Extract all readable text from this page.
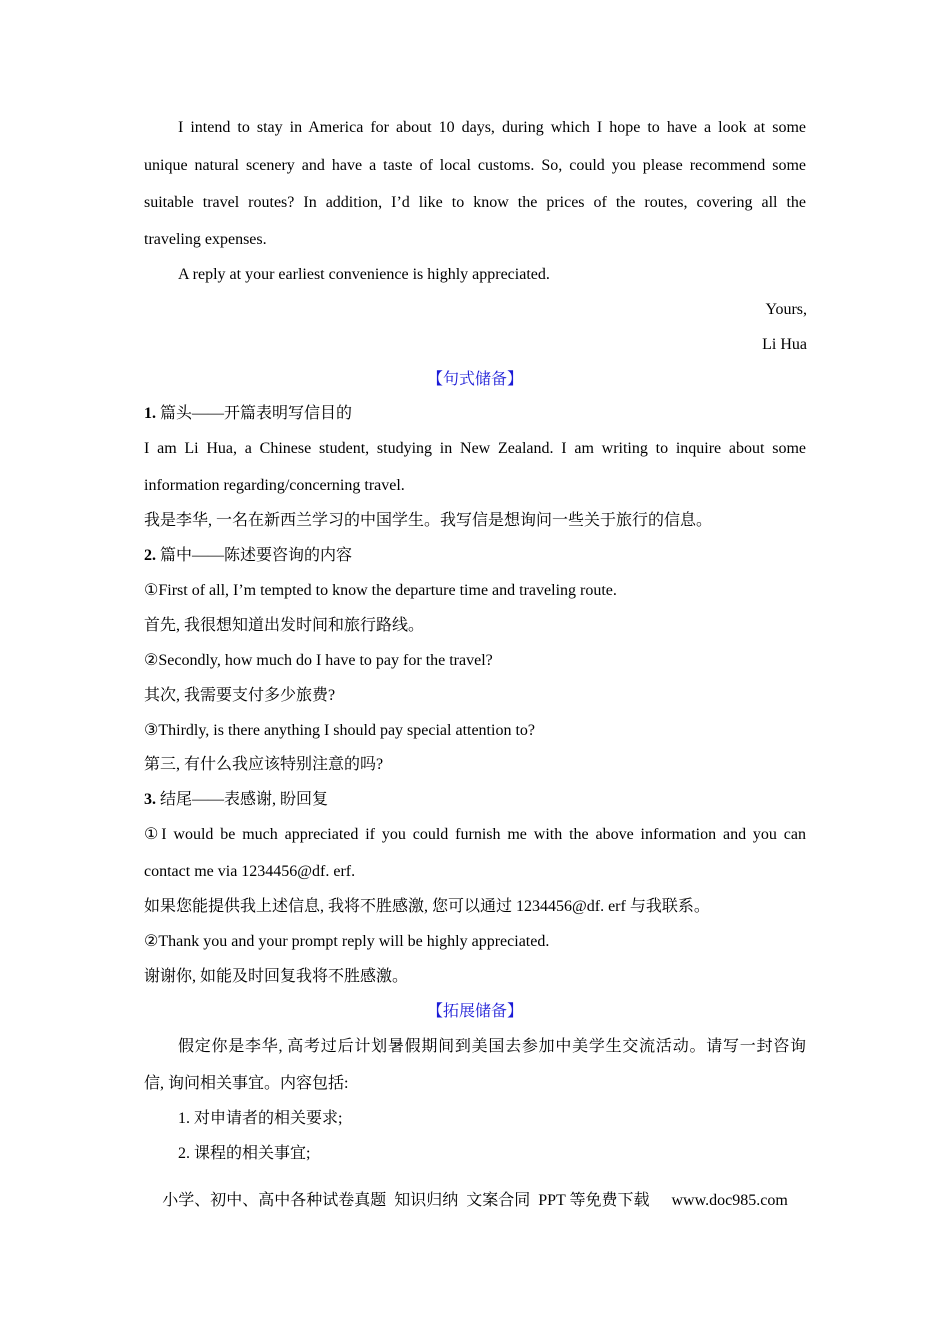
I intend to stay in America for about 10 days, during which I hope to have a look at some
unique natural scenery and have a taste of local customs. So, could you please recommend some
suitable travel routes? In addition, I’d like to know the prices of the routes, covering all the
traveling expenses.
A reply at your earliest convenience is highly appreciated.
Yours,
Li Hua
【句式储备】
1. 篇头——开篇表明写信目的
I am Li Hua, a Chinese student, studying in New Zealand. I am writing to inquire about some
information regarding/concerning travel.
我是李华, 一名在新西兰学习的中国学生。我写信是想询问一些关于旅行的信息。
2. 篇中——陈述要咨询的内容
①First of all, I’m tempted to know the departure time and traveling route.
首先, 我很想知道出发时间和旅行路线。
②Secondly, how much do I have to pay for the travel?
其次, 我需要支付多少旅费?
③Thirdly, is there anything I should pay special attention to?
第三, 有什么我应该特别注意的吗?
3. 结尾——表感谢, 盼回复
①I would be much appreciated if you could furnish me with the above information and you can
contact me via 1234456@df. erf.
如果您能提供我上述信息, 我将不胜感激, 您可以通过 1234456@df. erf 与我联系。
②Thank you and your prompt reply will be highly appreciated.
谢谢你, 如能及时回复我将不胜感激。
【拓展储备】
假定你是李华, 高考过后计划暑假期间到美国去参加中美学生交流活动。请写一封咨询
信, 询问相关事宜。内容包括:
1. 对申请者的相关要求;
2. 课程的相关事宜;
小学、初中、高中各种试卷真题  知识归纳  文案合同  PPT 等免费下载 www.doc985.com
